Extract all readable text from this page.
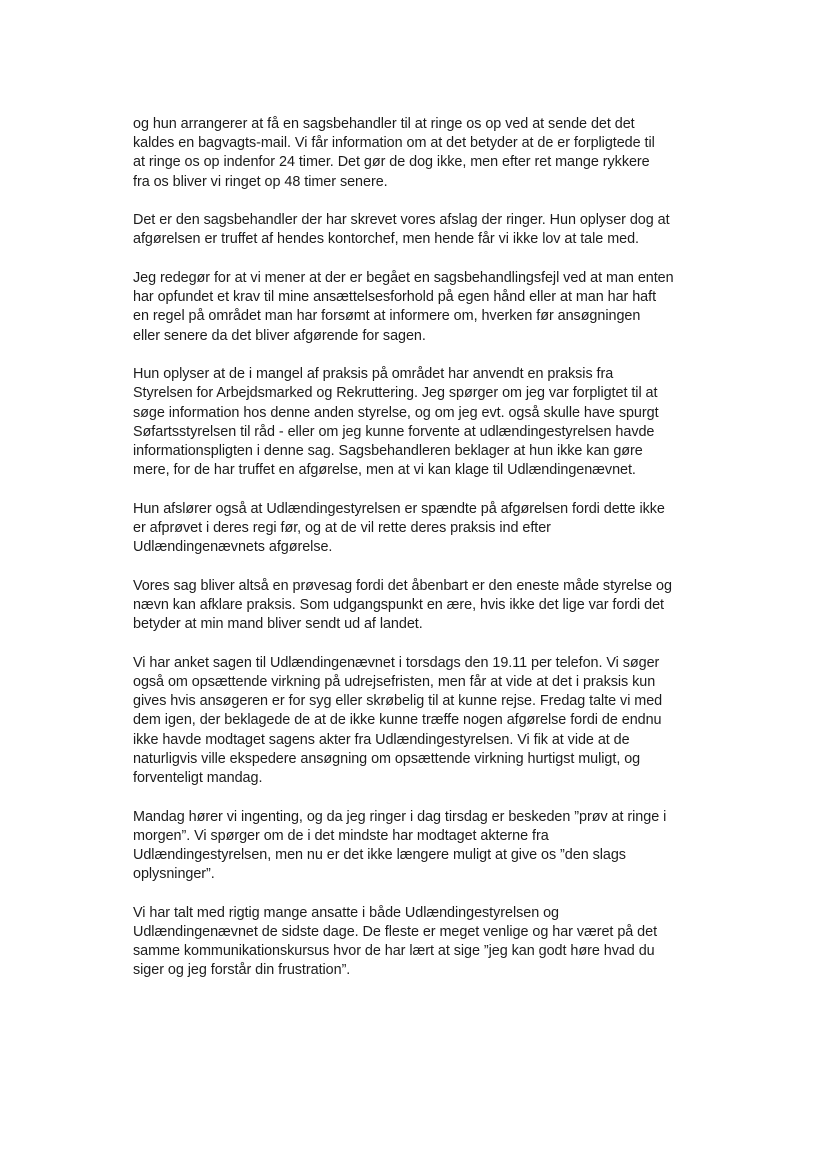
og hun arrangerer at få en sagsbehandler til at ringe os op ved at sende det det
kaldes en bagvagts-mail. Vi får information om at det betyder at de er forpligtede til
at ringe os op indenfor 24 timer. Det gør de dog ikke, men efter ret mange rykkere
fra os bliver vi ringet op 48 timer senere.

Det er den sagsbehandler der har skrevet vores afslag der ringer. Hun oplyser dog at
afgørelsen er truffet af hendes kontorchef, men hende får vi ikke lov at tale med.

Jeg redegør for at vi mener at der er begået en sagsbehandlingsfejl ved at man enten
har opfundet et krav til mine ansættelsesforhold på egen hånd eller at man har haft
en regel på området man har forsømt at informere om, hverken før ansøgningen
eller senere da det bliver afgørende for sagen.

Hun oplyser at de i mangel af praksis på området har anvendt en praksis fra
Styrelsen for Arbejdsmarked og Rekruttering. Jeg spørger om jeg var forpligtet til at
søge information hos denne anden styrelse, og om jeg evt. også skulle have spurgt
Søfartsstyrelsen til råd - eller om jeg kunne forvente at udlændingestyrelsen havde
informationspligten i denne sag. Sagsbehandleren beklager at hun ikke kan gøre
mere, for de har truffet en afgørelse, men at vi kan klage til Udlændingenævnet.

Hun afslører også at Udlændingestyrelsen er spændte på afgørelsen fordi dette ikke
er afprøvet i deres regi før, og at de vil rette deres praksis ind efter
Udlændingenævnets afgørelse.

Vores sag bliver altså en prøvesag fordi det åbenbart er den eneste måde styrelse og
nævn kan afklare praksis. Som udgangspunkt en ære, hvis ikke det lige var fordi det
betyder at min mand bliver sendt ud af landet.

Vi har anket sagen til Udlændingenævnet i torsdags den 19.11 per telefon. Vi søger
også om opsættende virkning på udrejsefristen, men får at vide at det i praksis kun
gives hvis ansøgeren er for syg eller skrøbelig til at kunne rejse. Fredag talte vi med
dem igen, der beklagede de at de ikke kunne træffe nogen afgørelse fordi de endnu
ikke havde modtaget sagens akter fra Udlændingestyrelsen. Vi fik at vide at de
naturligvis ville ekspedere ansøgning om opsættende virkning hurtigst muligt, og
forventeligt mandag.

Mandag hører vi ingenting, og da jeg ringer i dag tirsdag er beskeden ”prøv at ringe i
morgen”. Vi spørger om de i det mindste har modtaget akterne fra
Udlændingestyrelsen, men nu er det ikke længere muligt at give os ”den slags
oplysninger”.

Vi har talt med rigtig mange ansatte i både Udlændingestyrelsen og
Udlændingenævnet de sidste dage. De fleste er meget venlige og har været på det
samme kommunikationskursus hvor de har lært at sige ”jeg kan godt høre hvad du
siger og jeg forstår din frustration”.
